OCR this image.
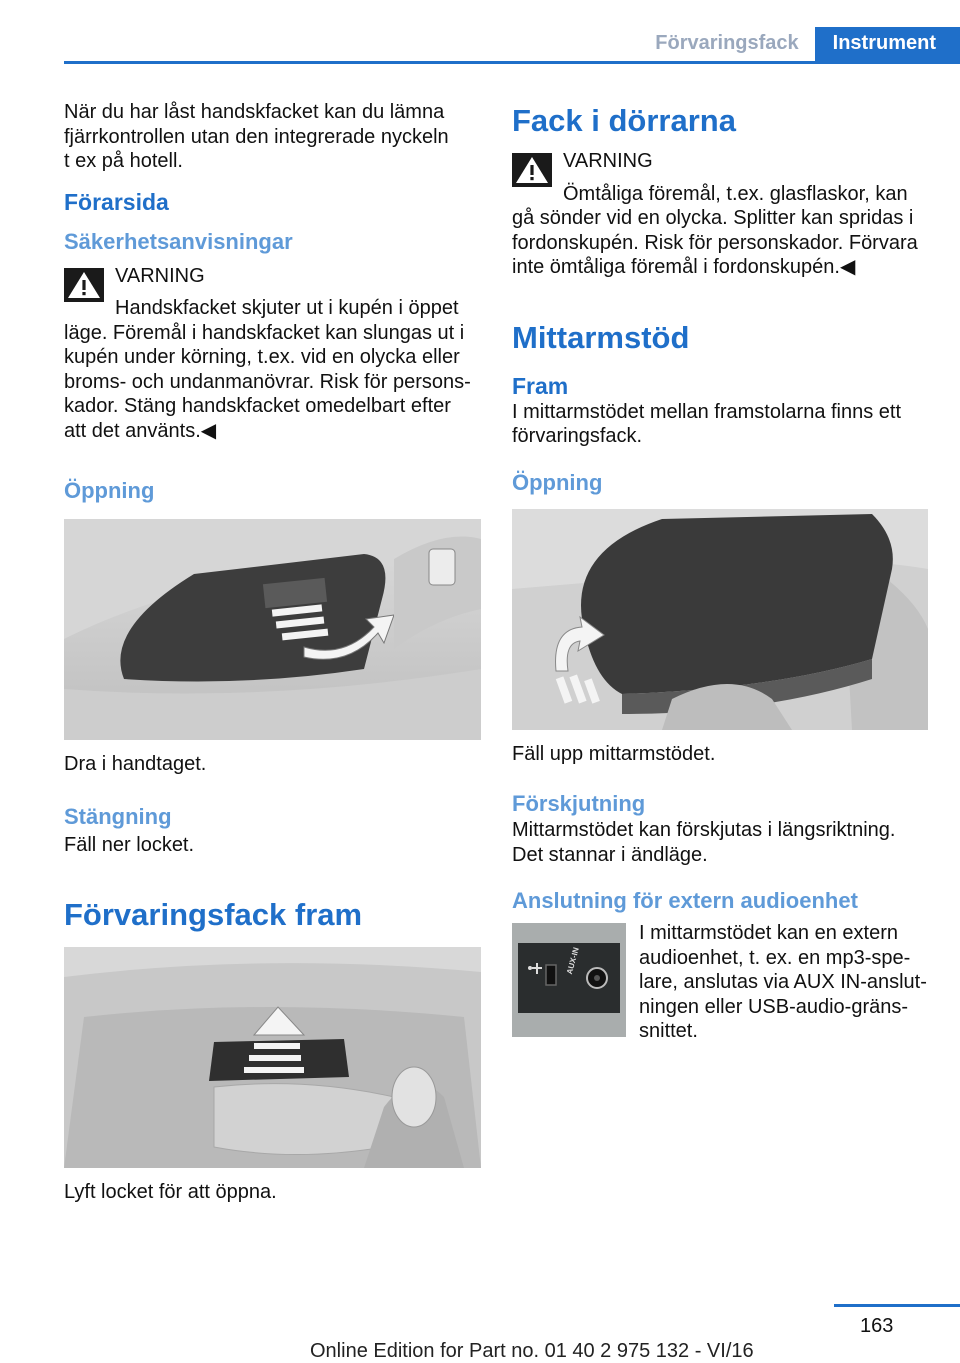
Förvaringsfack	Instrument

När du har låst handskfacket kan du lämna

fjärrkontrollen utan den integrerade nyckeln

t ex på hotell.

Förarsida
Säkerhetsanvisningar

VARNING

Handskfacket skjuter ut i kupén i öppet

läge. Föremål i handskfacket kan slungas ut i

kupén under körning, t.ex. vid en olycka eller

broms- och undanmanövrar. Risk för persons-

kador. Stäng handskfacket omedelbart efter

att det använts.◀

Öppning

Dra i handtaget.

Stängning

Fäll ner locket.

Förvaringsfack fram

Lyft locket för att öppna.

Fack i dörrarna

VARNING

Ömtåliga föremål, t.ex. glasflaskor, kan

gå sönder vid en olycka. Splitter kan spridas i

fordonskupén. Risk för personskador. Förvara

inte ömtåliga föremål i fordonskupén.◀

Mittarmstöd
Fram

I mittarmstödet mellan framstolarna finns ett

förvaringsfack.

Öppning

Fäll upp mittarmstödet.

Förskjutning

Mittarmstödet kan förskjutas i längsriktning.

Det stannar i ändläge.

Anslutning för extern audioenhet
AUX-IN

I mittarmstödet kan en extern

audioenhet, t. ex. en mp3-spe-

lare, anslutas via AUX IN-anslut-

ningen eller USB-audio-gräns-

snittet.

163
Online Edition for Part no. 01 40 2 975 132 - VI/16
